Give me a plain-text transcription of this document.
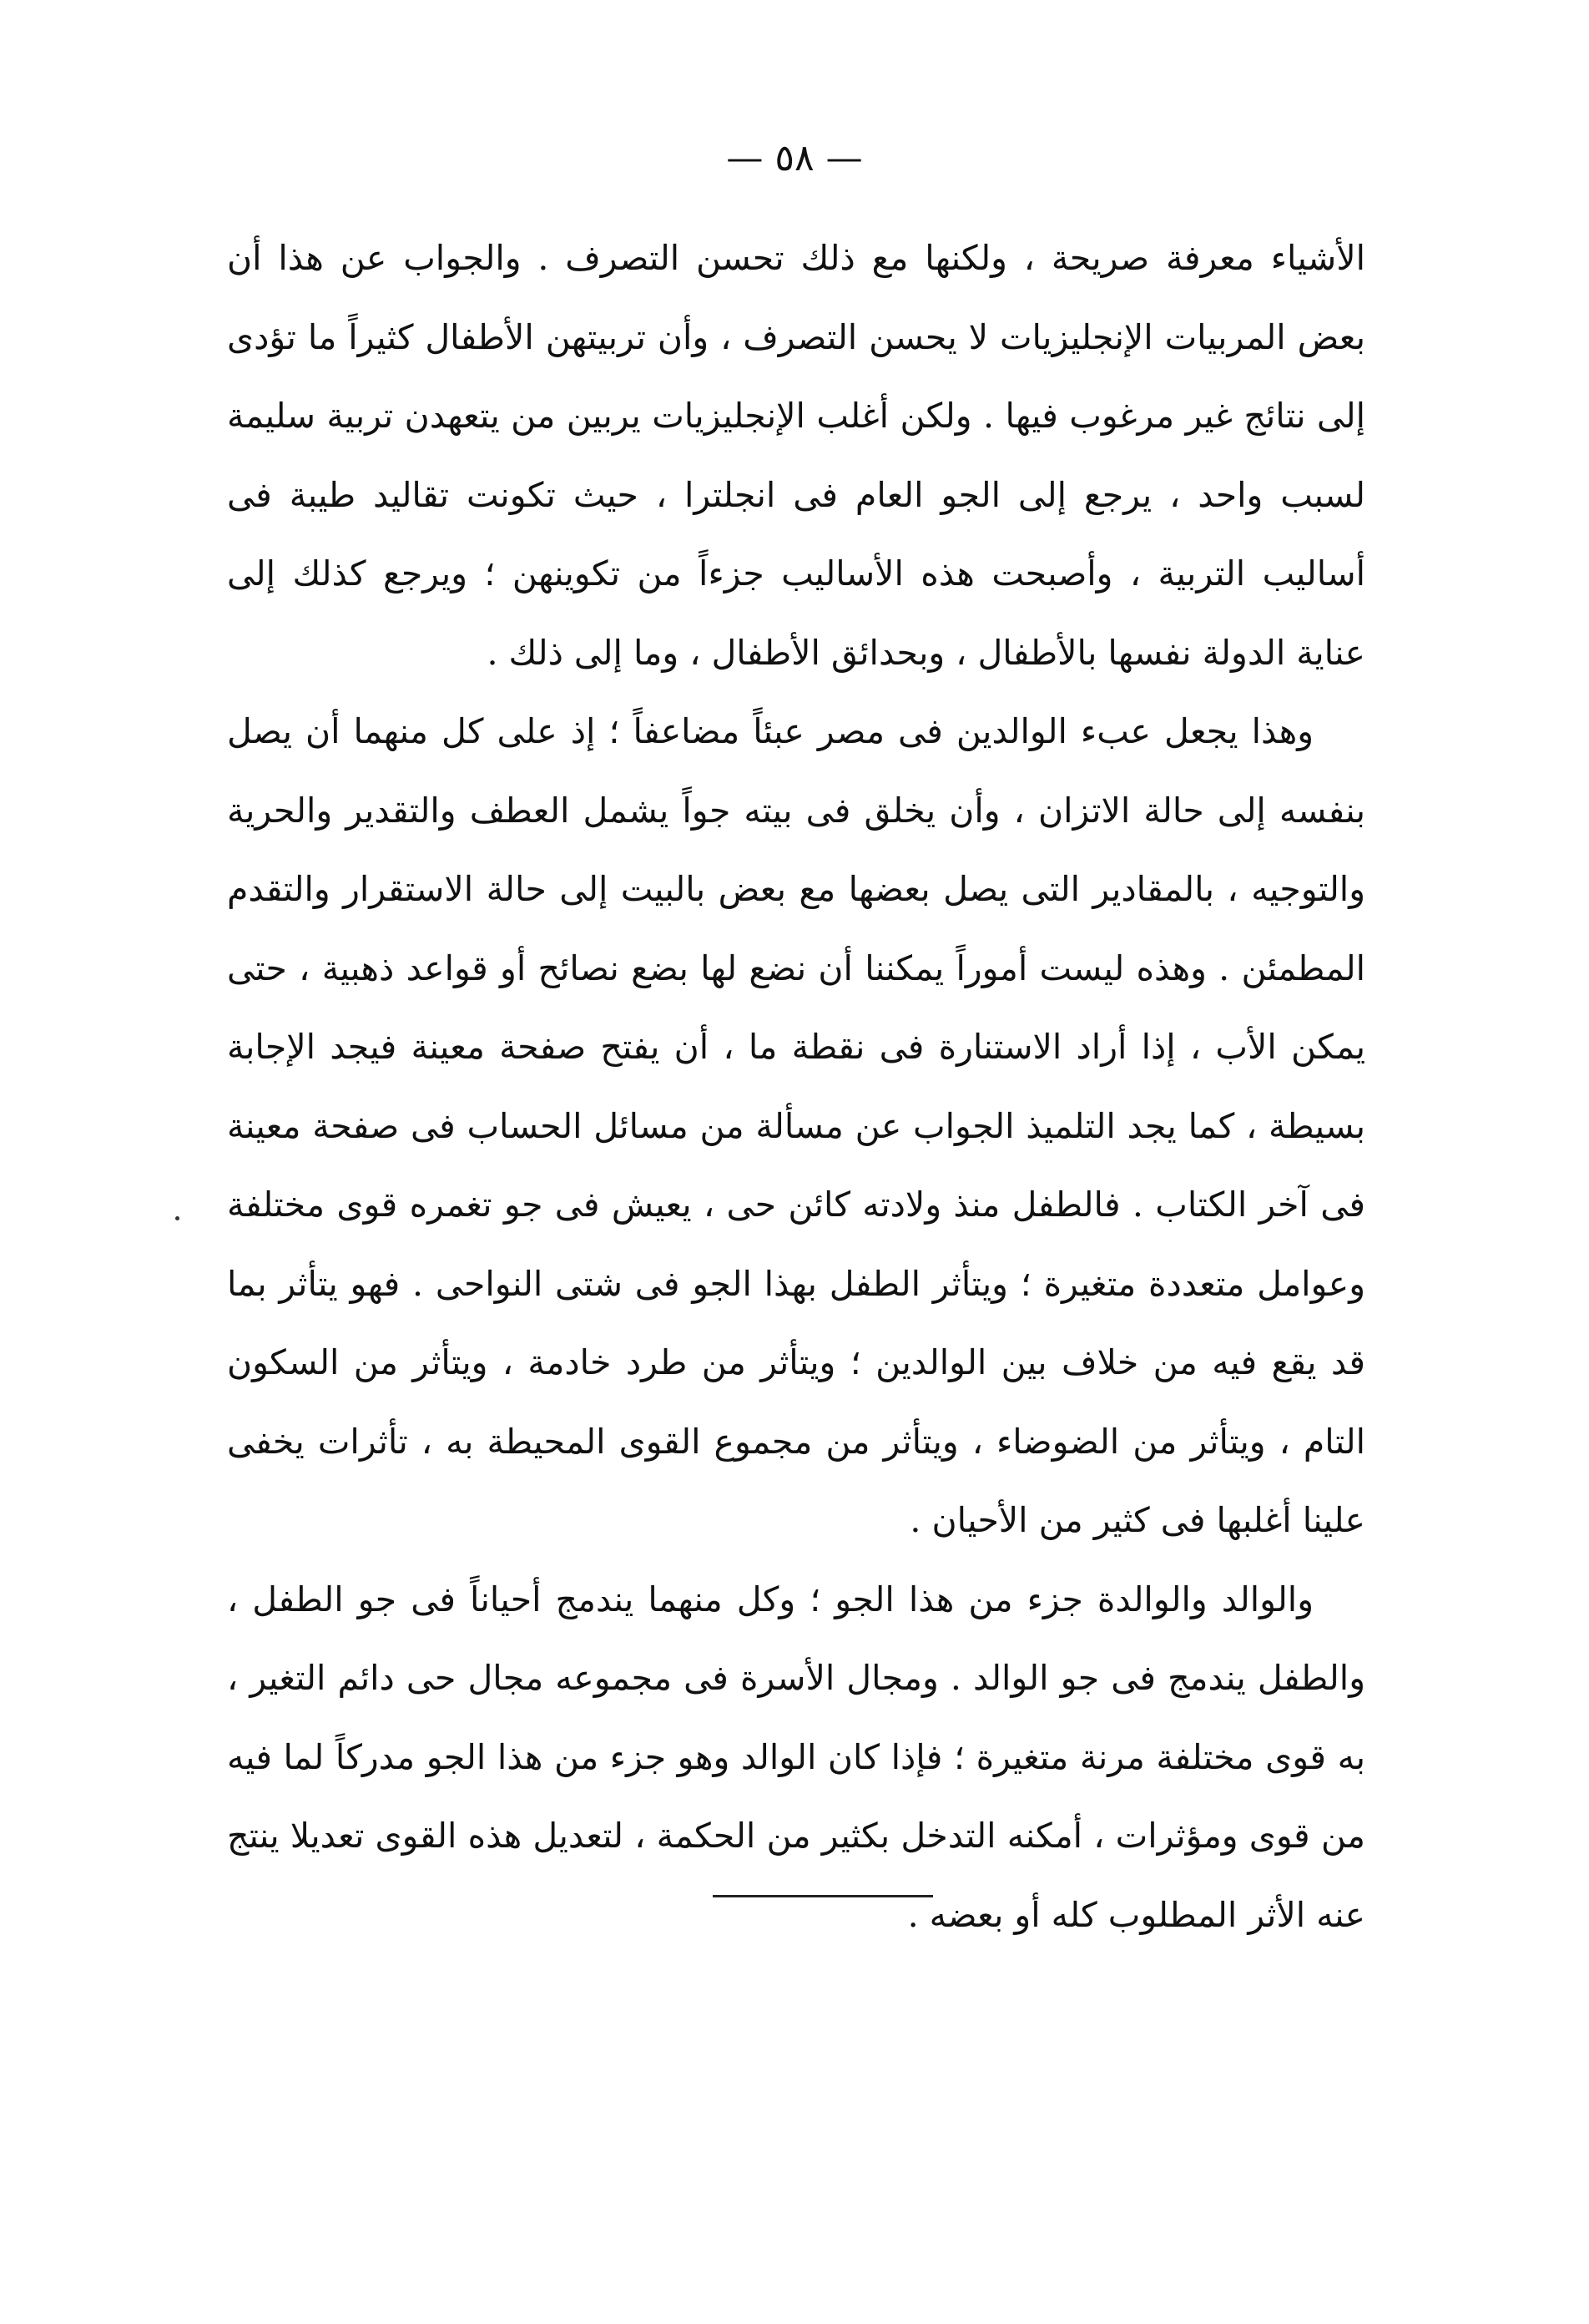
— ٥٨ —

الأشياء معرفة صريحة ، ولكنها مع ذلك تحسن التصرف . والجواب عن هذا أن بعض المربيات الإنجليزيات لا يحسن التصرف ، وأن تربيتهن الأطفال كثيراً ما تؤدى إلى نتائج غير مرغوب فيها . ولكن أغلب الإنجليزيات يربين من يتعهدن تربية سليمة لسبب واحد ، يرجع إلى الجو العام فى انجلترا ، حيث تكونت تقاليد طيبة فى أساليب التربية ، وأصبحت هذه الأساليب جزءاً من تكوينهن ؛ ويرجع كذلك إلى عناية الدولة نفسها بالأطفال ، وبحدائق الأطفال ، وما إلى ذلك .

وهذا يجعل عبء الوالدين فى مصر عبئاً مضاعفاً ؛ إذ على كل منهما أن يصل بنفسه إلى حالة الاتزان ، وأن يخلق فى بيته جواً يشمل العطف والتقدير والحرية والتوجيه ، بالمقادير التى يصل بعضها مع بعض بالبيت إلى حالة الاستقرار والتقدم المطمئن . وهذه ليست أموراً يمكننا أن نضع لها بضع نصائح أو قواعد ذهبية ، حتى يمكن الأب ، إذا أراد الاستنارة فى نقطة ما ، أن يفتح صفحة معينة فيجد الإجابة بسيطة ، كما يجد التلميذ الجواب عن مسألة من مسائل الحساب فى صفحة معينة فى آخر الكتاب . فالطفل منذ ولادته كائن حى ، يعيش فى جو تغمره قوى مختلفة وعوامل متعددة متغيرة ؛ ويتأثر الطفل بهذا الجو فى شتى النواحى . فهو يتأثر بما قد يقع فيه من خلاف بين الوالدين ؛ ويتأثر من طرد خادمة ، ويتأثر من السكون التام ، ويتأثر من الضوضاء ، ويتأثر من مجموع القوى المحيطة به ، تأثرات يخفى علينا أغلبها فى كثير من الأحيان .

والوالد والوالدة جزء من هذا الجو ؛ وكل منهما يندمج أحياناً فى جو الطفل ، والطفل يندمج فى جو الوالد . ومجال الأسرة فى مجموعه مجال حى دائم التغير ، به قوى مختلفة مرنة متغيرة ؛ فإذا كان الوالد وهو جزء من هذا الجو مدركاً لما فيه من قوى ومؤثرات ، أمكنه التدخل بكثير من الحكمة ، لتعديل هذه القوى تعديلا ينتج عنه الأثر المطلوب كله أو بعضه .
